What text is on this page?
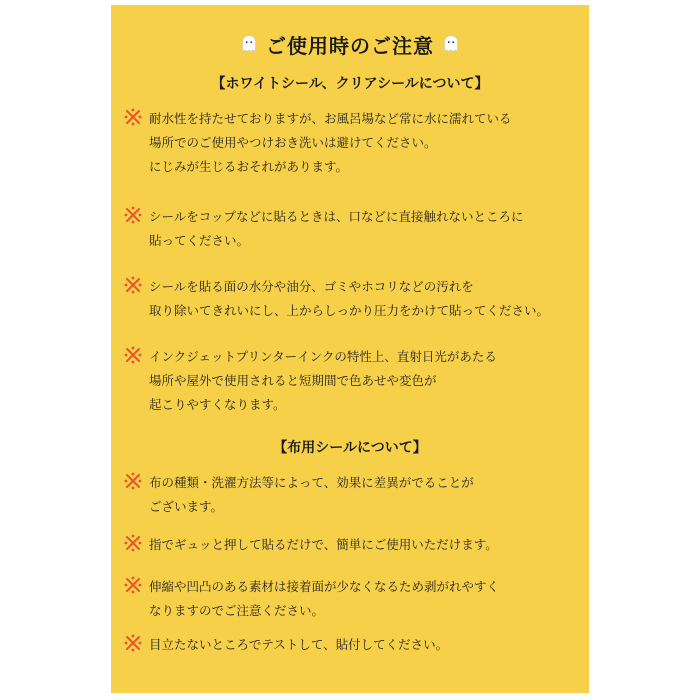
ご使用時のご注意
【ホワイトシール、クリアシールについて】
耐水性を持たせておりますが、お風呂場など常に水に濡れている
場所でのご使用やつけおき洗いは避けてください。
にじみが生じるおそれがあります。
シールをコップなどに貼るときは、口などに直接触れないところに
貼ってください。
シールを貼る面の水分や油分、ゴミやホコリなどの汚れを
取り除いてきれいにし、上からしっかり圧力をかけて貼ってください。
インクジェットプリンターインクの特性上、直射日光があたる
場所や屋外で使用されると短期間で色あせや変色が
起こりやすくなります。
【布用シールについて】
布の種類・洗濯方法等によって、効果に差異がでることが
ございます。
指でギュッと押して貼るだけで、簡単にご使用いただけます。
伸縮や凹凸のある素材は接着面が少なくなるため剥がれやすく
なりますのでご注意ください。
目立たないところでテストして、貼付してください。
